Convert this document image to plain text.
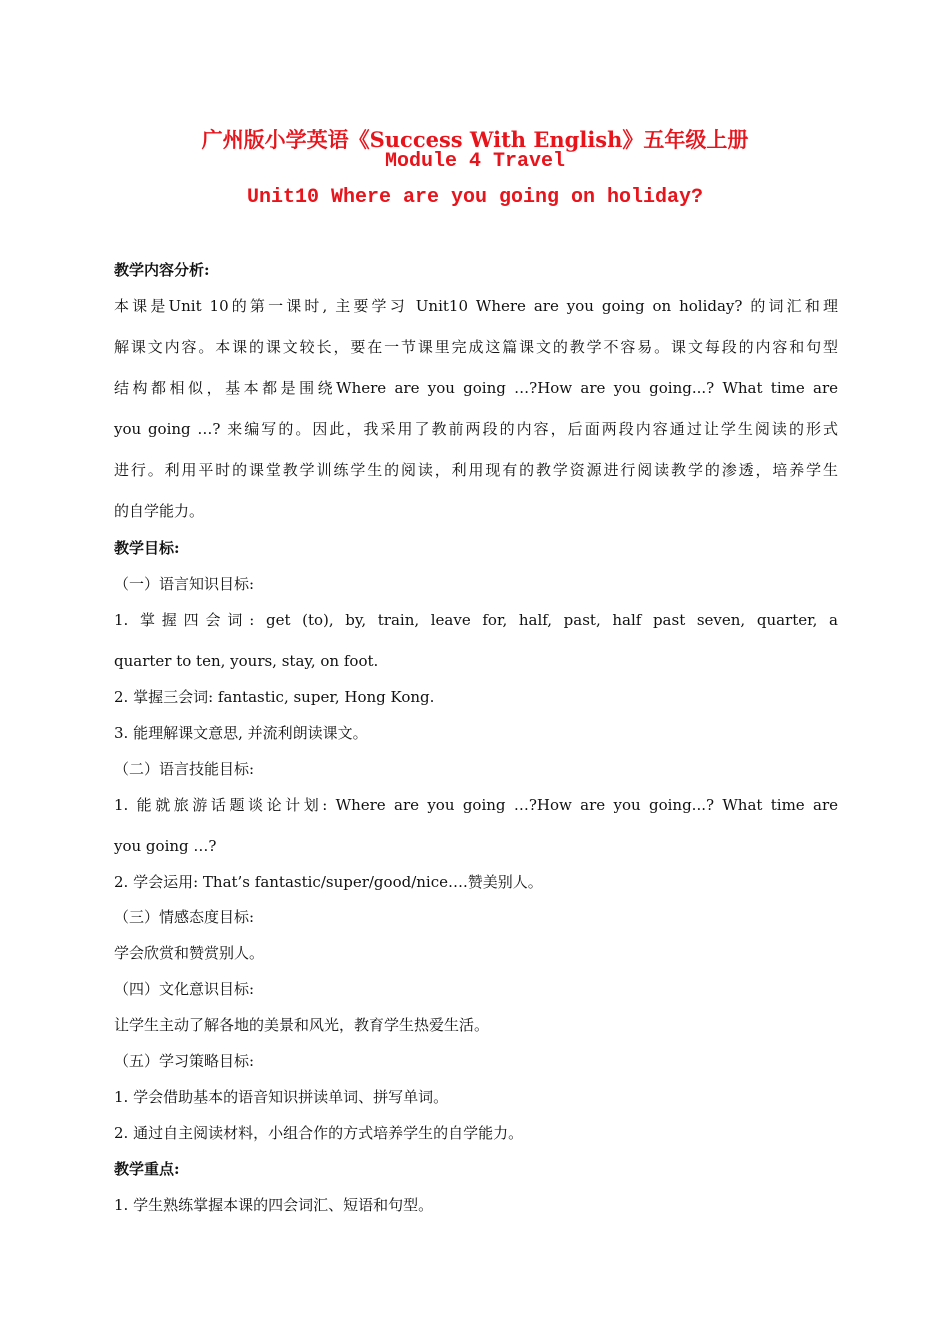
广州版小学英语《Success With English》五年级上册
Module 4 Travel
Unit10 Where are you going on holiday?
教学内容分析:
本课是Unit 10的第一课时, 主要学习 Unit10 Where are you going on holiday? 的词汇和理
解课文内容。本课的课文较长，要在一节课里完成这篇课文的教学不容易。课文每段的内容和句型
结构都相似，基本都是围绕Where are you going …?How are you going...? What time are
you going …? 来编写的。因此，我采用了教前两段的内容，后面两段内容通过让学生阅读的形式
进行。利用平时的课堂教学训练学生的阅读，利用现有的教学资源进行阅读教学的渗透，培养学生
的自学能力。
教学目标:
（一）语言知识目标:
1. 掌握四会词: get (to), by, train, leave for, half, past, half past seven, quarter, a
quarter to ten, yours, stay, on foot.
2. 掌握三会词: fantastic, super, Hong Kong.
3. 能理解课文意思, 并流利朗读课文。
（二）语言技能目标:
1. 能就旅游话题谈论计划: Where are you going …?How are you going...? What time are
you going …?
2. 学会运用: That’s fantastic/super/good/nice….赞美别人。
（三）情感态度目标:
学会欣赏和赞赏别人。
（四）文化意识目标:
让学生主动了解各地的美景和风光，教育学生热爱生活。
（五）学习策略目标:
1. 学会借助基本的语音知识拼读单词、拼写单词。
2. 通过自主阅读材料，小组合作的方式培养学生的自学能力。
教学重点:
1. 学生熟练掌握本课的四会词汇、短语和句型。
